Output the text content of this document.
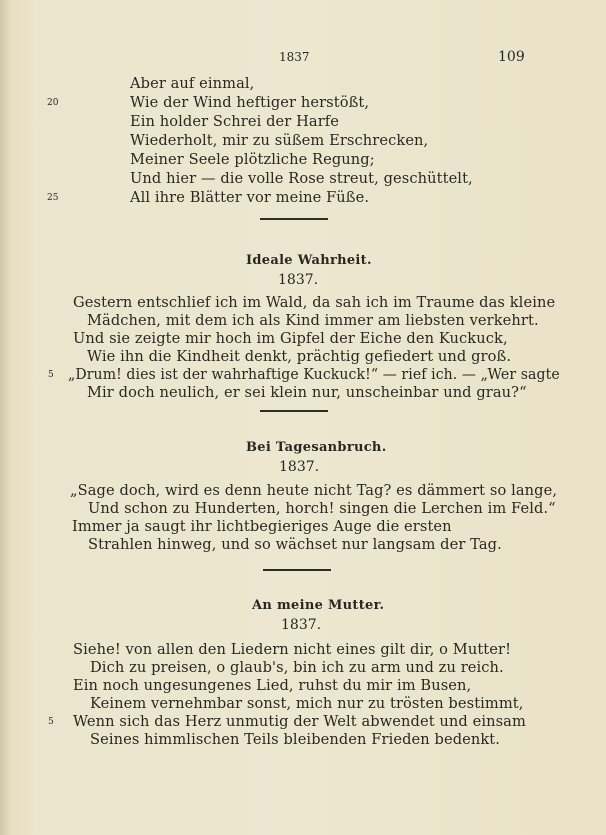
1837	109
Aber auf einmal,
Wie der Wind heftiger herstößt,
Ein holder Schrei der Harfe
Wiederholt, mir zu süßem Erschrecken,
Meiner Seele plötzliche Regung;
Und hier — die volle Rose streut, geschüttelt,
All ihre Blätter vor meine Füße.
20
25
Ideale Wahrheit.
1837.
Gestern entschlief ich im Wald, da sah ich im Traume das kleine
Mädchen, mit dem ich als Kind immer am liebsten verkehrt.
Und sie zeigte mir hoch im Gipfel der Eiche den Kuckuck,
Wie ihn die Kindheit denkt, prächtig gefiedert und groß.
„Drum! dies ist der wahrhaftige Kuckuck!“ — rief ich. — „Wer sagte
Mir doch neulich, er sei klein nur, unscheinbar und grau?“
5
Bei Tagesanbruch.
1837.
„Sage doch, wird es denn heute nicht Tag? es dämmert so lange,
Und schon zu Hunderten, horch! singen die Lerchen im Feld.“
Immer ja saugt ihr lichtbegieriges Auge die ersten
Strahlen hinweg, und so wächset nur langsam der Tag.
An meine Mutter.
1837.
Siehe! von allen den Liedern nicht eines gilt dir, o Mutter!
Dich zu preisen, o glaub's, bin ich zu arm und zu reich.
Ein noch ungesungenes Lied, ruhst du mir im Busen,
Keinem vernehmbar sonst, mich nur zu trösten bestimmt,
Wenn sich das Herz unmutig der Welt abwendet und einsam
Seines himmlischen Teils bleibenden Frieden bedenkt.
5
